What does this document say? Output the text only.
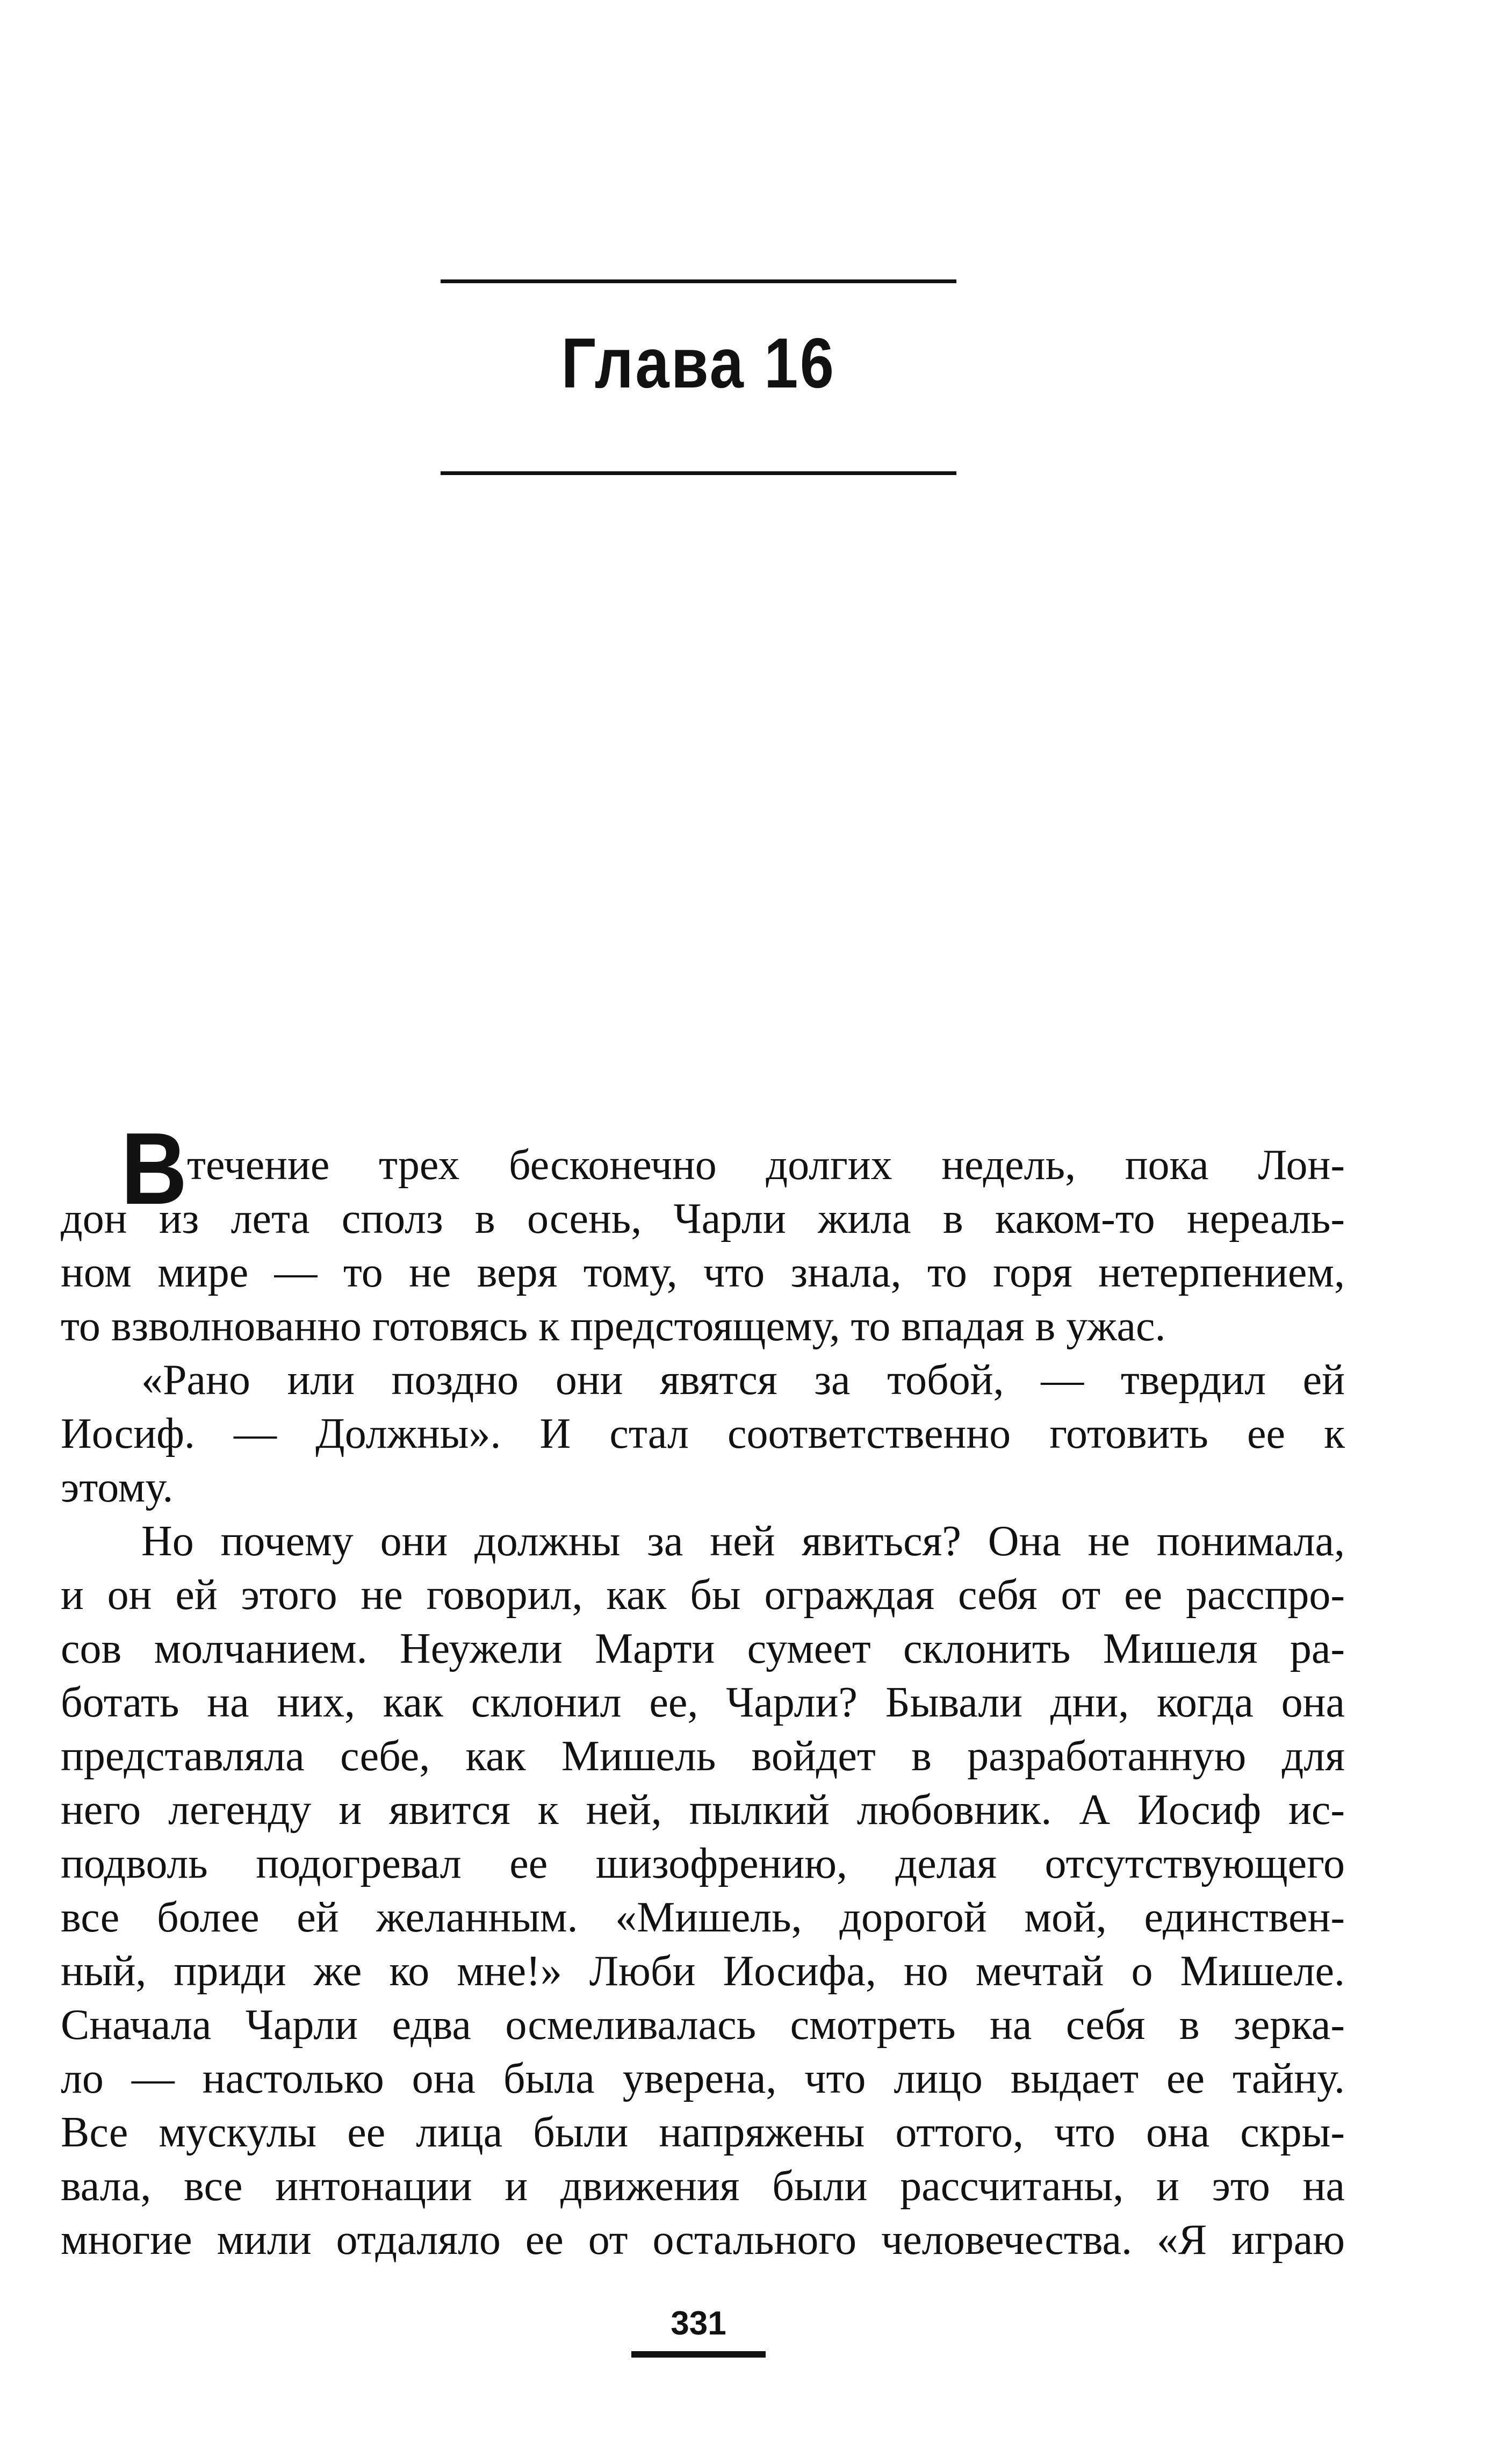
Глава 16
В течение трех бесконечно долгих недель, пока Лон-
дон из лета сполз в осень, Чарли жила в каком-то нереаль-
ном мире — то не веря тому, что знала, то горя нетерпением,
то взволнованно готовясь к предстоящему, то впадая в ужас.
«Рано или поздно они явятся за тобой, — твердил ей
Иосиф. — Должны». И стал соответственно готовить ее к
этому.
Но почему они должны за ней явиться? Она не понимала,
и он ей этого не говорил, как бы ограждая себя от ее расспро-
сов молчанием. Неужели Марти сумеет склонить Мишеля ра-
ботать на них, как склонил ее, Чарли? Бывали дни, когда она
представляла себе, как Мишель войдет в разработанную для
него легенду и явится к ней, пылкий любовник. А Иосиф ис-
подволь подогревал ее шизофрению, делая отсутствующего
все более ей желанным. «Мишель, дорогой мой, единствен-
ный, приди же ко мне!» Люби Иосифа, но мечтай о Мишеле.
Сначала Чарли едва осмеливалась смотреть на себя в зерка-
ло — настолько она была уверена, что лицо выдает ее тайну.
Все мускулы ее лица были напряжены оттого, что она скры-
вала, все интонации и движения были рассчитаны, и это на
многие мили отдаляло ее от остального человечества. «Я играю
331
